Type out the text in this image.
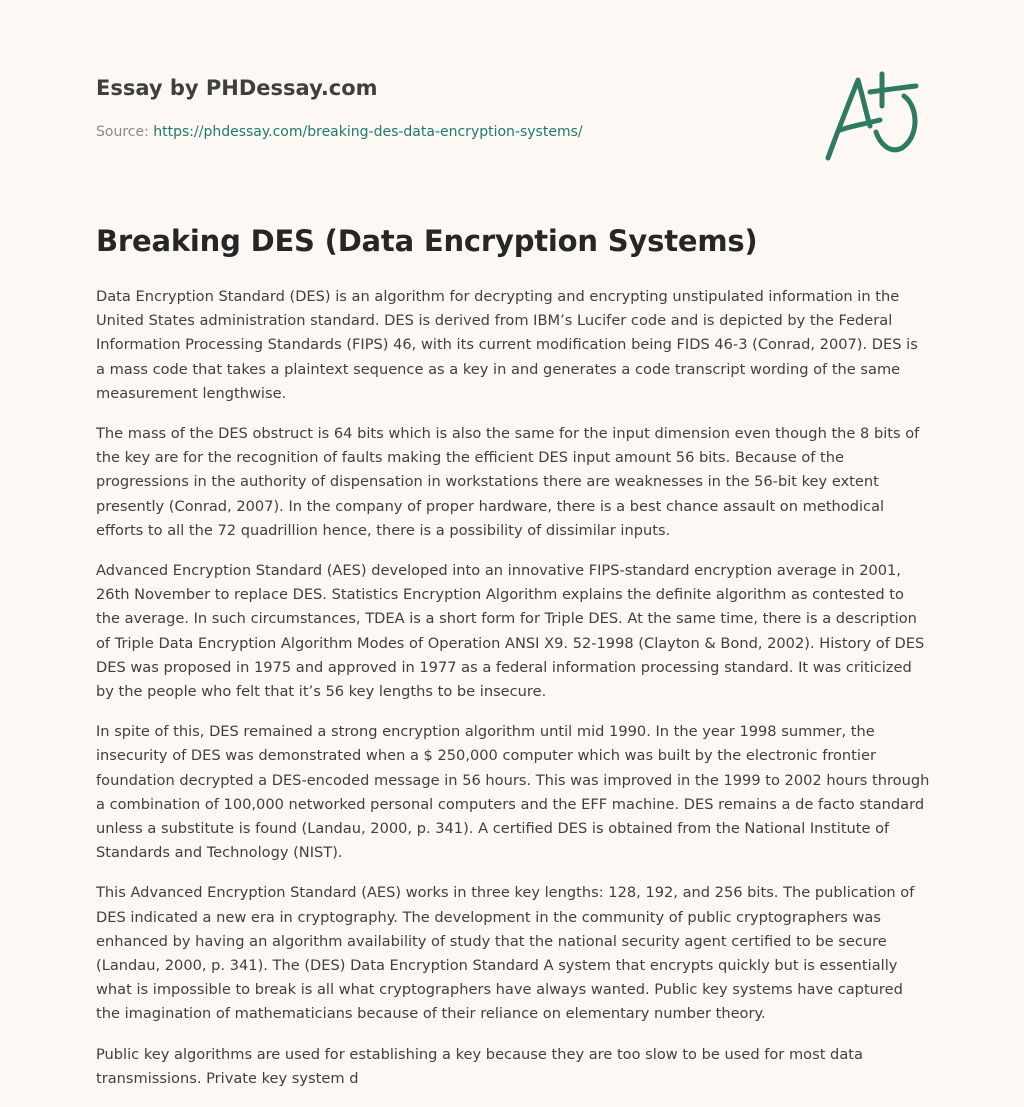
Essay by PHDessay.com
Source: https://phdessay.com/breaking-des-data-encryption-systems/
Breaking DES (Data Encryption Systems)

Data Encryption Standard (DES) is an algorithm for decrypting and encrypting unstipulated information in the United States administration standard. DES is derived from IBM’s Lucifer code and is depicted by the Federal Information Processing Standards (FIPS) 46, with its current modification being FIDS 46-3 (Conrad, 2007). DES is a mass code that takes a plaintext sequence as a key in and generates a code transcript wording of the same measurement lengthwise.

The mass of the DES obstruct is 64 bits which is also the same for the input dimension even though the 8 bits of the key are for the recognition of faults making the efficient DES input amount 56 bits. Because of the progressions in the authority of dispensation in workstations there are weaknesses in the 56-bit key extent presently (Conrad, 2007). In the company of proper hardware, there is a best chance assault on methodical efforts to all the 72 quadrillion hence, there is a possibility of dissimilar inputs.

Advanced Encryption Standard (AES) developed into an innovative FIPS-standard encryption average in 2001, 26th November to replace DES. Statistics Encryption Algorithm explains the definite algorithm as contested to the average. In such circumstances, TDEA is a short form for Triple DES. At the same time, there is a description of Triple Data Encryption Algorithm Modes of Operation ANSI X9. 52-1998 (Clayton & Bond, 2002). History of DES DES was proposed in 1975 and approved in 1977 as a federal information processing standard. It was criticized by the people who felt that it’s 56 key lengths to be insecure.

In spite of this, DES remained a strong encryption algorithm until mid 1990. In the year 1998 summer, the insecurity of DES was demonstrated when a $ 250,000 computer which was built by the electronic frontier foundation decrypted a DES-encoded message in 56 hours. This was improved in the 1999 to 2002 hours through a combination of 100,000 networked personal computers and the EFF machine. DES remains a de facto standard unless a substitute is found (Landau, 2000, p. 341). A certified DES is obtained from the National Institute of Standards and Technology (NIST).

This Advanced Encryption Standard (AES) works in three key lengths: 128, 192, and 256 bits. The publication of DES indicated a new era in cryptography. The development in the community of public cryptographers was enhanced by having an algorithm availability of study that the national security agent certified to be secure (Landau, 2000, p. 341). The (DES) Data Encryption Standard A system that encrypts quickly but is essentially what is impossible to break is all what cryptographers have always wanted. Public key systems have captured the imagination of mathematicians because of their reliance on elementary number theory.

Public key algorithms are used for establishing a key because they are too slow to be used for most data transmissions. Private key system d
